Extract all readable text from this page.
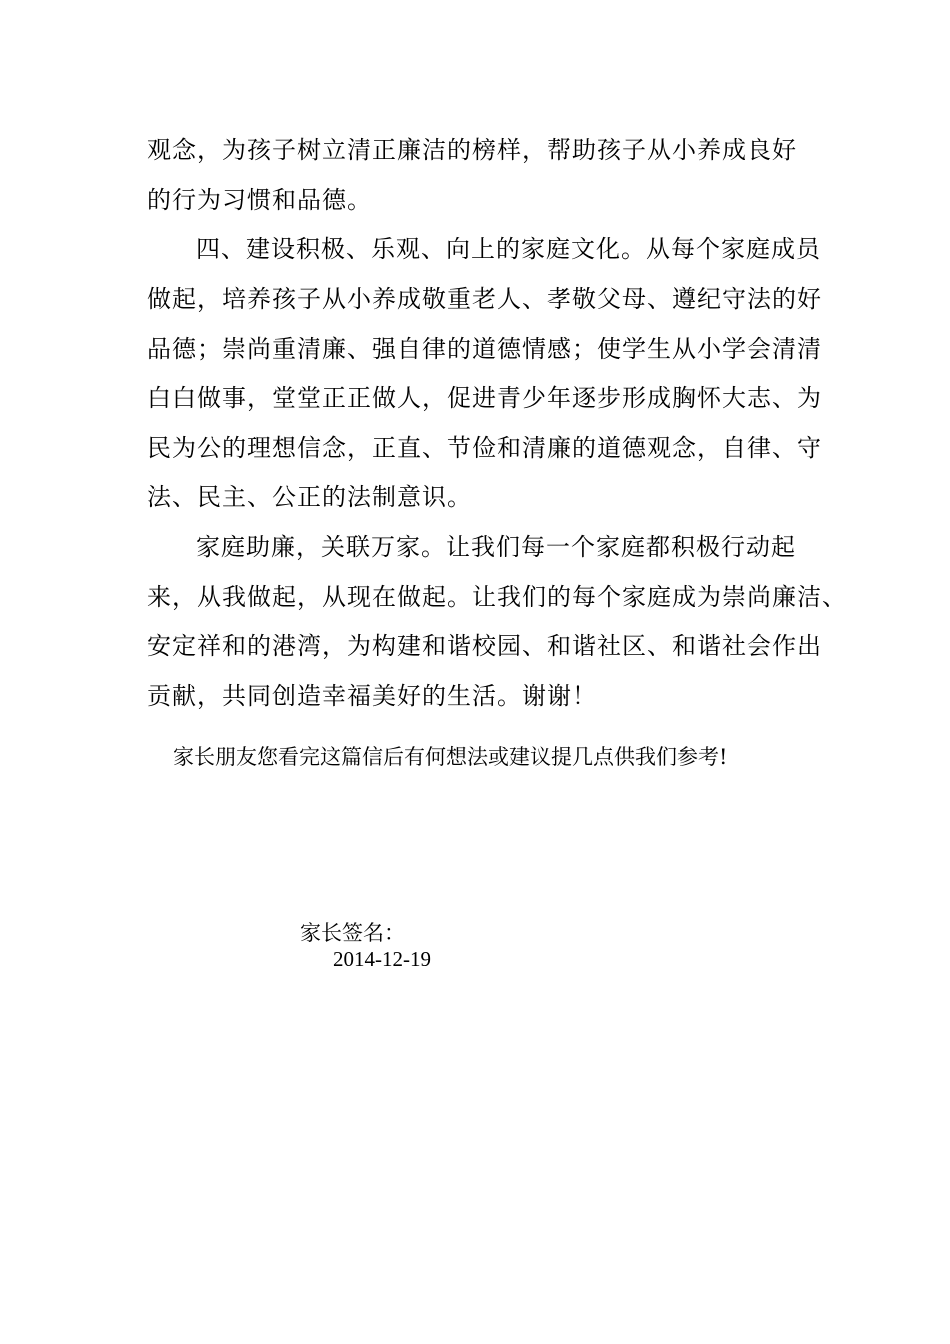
观念，为孩子树立清正廉洁的榜样，帮助孩子从小养成良好
的行为习惯和品德。
四、建设积极、乐观、向上的家庭文化。从每个家庭成员
做起，培养孩子从小养成敬重老人、孝敬父母、遵纪守法的好
品德；崇尚重清廉、强自律的道德情感；使学生从小学会清清
白白做事，堂堂正正做人，促进青少年逐步形成胸怀大志、为
民为公的理想信念，正直、节俭和清廉的道德观念，自律、守
法、民主、公正的法制意识。
家庭助廉，关联万家。让我们每一个家庭都积极行动起
来，从我做起，从现在做起。让我们的每个家庭成为崇尚廉洁、
安定祥和的港湾，为构建和谐校园、和谐社区、和谐社会作出
贡献，共同创造幸福美好的生活。谢谢！
家长朋友您看完这篇信后有何想法或建议提几点供我们参考!
家长签名：
2014-12-19
